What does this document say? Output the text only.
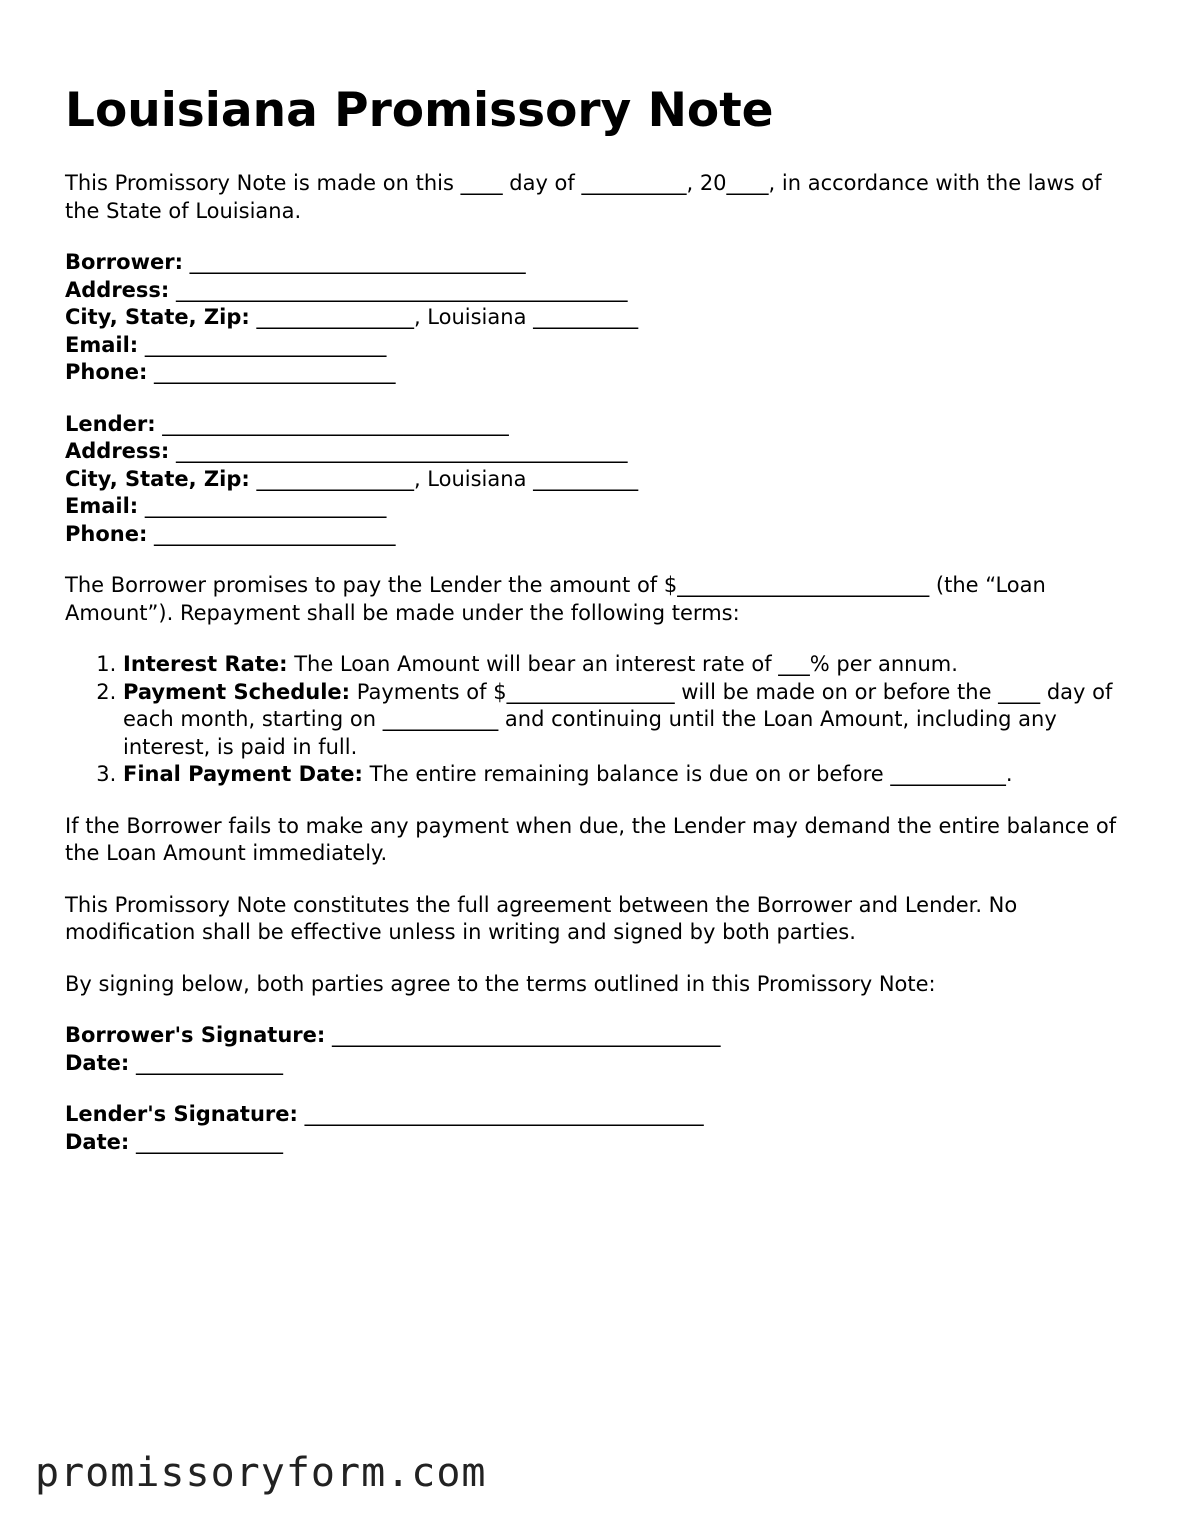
Louisiana Promissory Note

This Promissory Note is made on this ____ day of __________, 20____, in accordance with the laws of the State of Louisiana.

Borrower: ________________________________
Address: ___________________________________________
City, State, Zip: _______________, Louisiana __________
Email: _______________________
Phone: _______________________
Lender: _________________________________
Address: ___________________________________________
City, State, Zip: _______________, Louisiana __________
Email: _______________________
Phone: _______________________

The Borrower promises to pay the Lender the amount of $________________________ (the “Loan Amount”). Repayment shall be made under the following terms:

1. Interest Rate: The Loan Amount will bear an interest rate of ___% per annum.
2. Payment Schedule: Payments of $________________ will be made on or before the ____ day of each month, starting on ___________ and continuing until the Loan Amount, including any interest, is paid in full.
3. Final Payment Date: The entire remaining balance is due on or before ___________.

If the Borrower fails to make any payment when due, the Lender may demand the entire balance of the Loan Amount immediately.

This Promissory Note constitutes the full agreement between the Borrower and Lender. No modification shall be effective unless in writing and signed by both parties.

By signing below, both parties agree to the terms outlined in this Promissory Note:

Borrower's Signature: _____________________________________
Date: ______________
Lender's Signature: ______________________________________
Date: ______________
promissoryform.com
